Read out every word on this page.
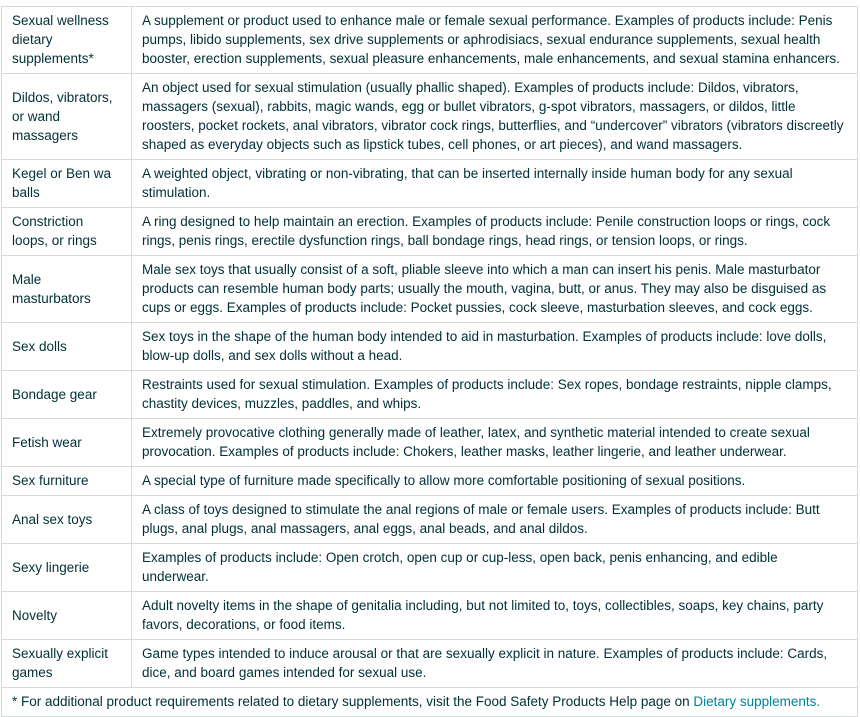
Sexual wellness dietary supplements*	A supplement or product used to enhance male or female sexual performance. Examples of products include: Penis pumps, libido supplements, sex drive supplements or aphrodisiacs, sexual endurance supplements, sexual health booster, erection supplements, sexual pleasure enhancements, male enhancements, and sexual stamina enhancers.
Dildos, vibrators, or wand massagers	An object used for sexual stimulation (usually phallic shaped). Examples of products include: Dildos, vibrators, massagers (sexual), rabbits, magic wands, egg or bullet vibrators, g-spot vibrators, massagers, or dildos, little roosters, pocket rockets, anal vibrators, vibrator cock rings, butterflies, and “undercover” vibrators (vibrators discreetly shaped as everyday objects such as lipstick tubes, cell phones, or art pieces), and wand massagers.
Kegel or Ben wa balls	A weighted object, vibrating or non-vibrating, that can be inserted internally inside human body for any sexual stimulation.
Constriction loops, or rings	A ring designed to help maintain an erection. Examples of products include: Penile construction loops or rings, cock rings, penis rings, erectile dysfunction rings, ball bondage rings, head rings, or tension loops, or rings.
Male masturbators	Male sex toys that usually consist of a soft, pliable sleeve into which a man can insert his penis. Male masturbator products can resemble human body parts; usually the mouth, vagina, butt, or anus. They may also be disguised as cups or eggs. Examples of products include: Pocket pussies, cock sleeve, masturbation sleeves, and cock eggs.
Sex dolls	Sex toys in the shape of the human body intended to aid in masturbation. Examples of products include: love dolls, blow-up dolls, and sex dolls without a head.
Bondage gear	Restraints used for sexual stimulation. Examples of products include: Sex ropes, bondage restraints, nipple clamps, chastity devices, muzzles, paddles, and whips.
Fetish wear	Extremely provocative clothing generally made of leather, latex, and synthetic material intended to create sexual provocation. Examples of products include: Chokers, leather masks, leather lingerie, and leather underwear.
Sex furniture	A special type of furniture made specifically to allow more comfortable positioning of sexual positions.
Anal sex toys	A class of toys designed to stimulate the anal regions of male or female users. Examples of products include: Butt plugs, anal plugs, anal massagers, anal eggs, anal beads, and anal dildos.
Sexy lingerie	Examples of products include: Open crotch, open cup or cup-less, open back, penis enhancing, and edible underwear.
Novelty	Adult novelty items in the shape of genitalia including, but not limited to, toys, collectibles, soaps, key chains, party favors, decorations, or food items.
Sexually explicit games	Game types intended to induce arousal or that are sexually explicit in nature. Examples of products include: Cards, dice, and board games intended for sexual use.
* For additional product requirements related to dietary supplements, visit the Food Safety Products Help page on Dietary supplements.	
